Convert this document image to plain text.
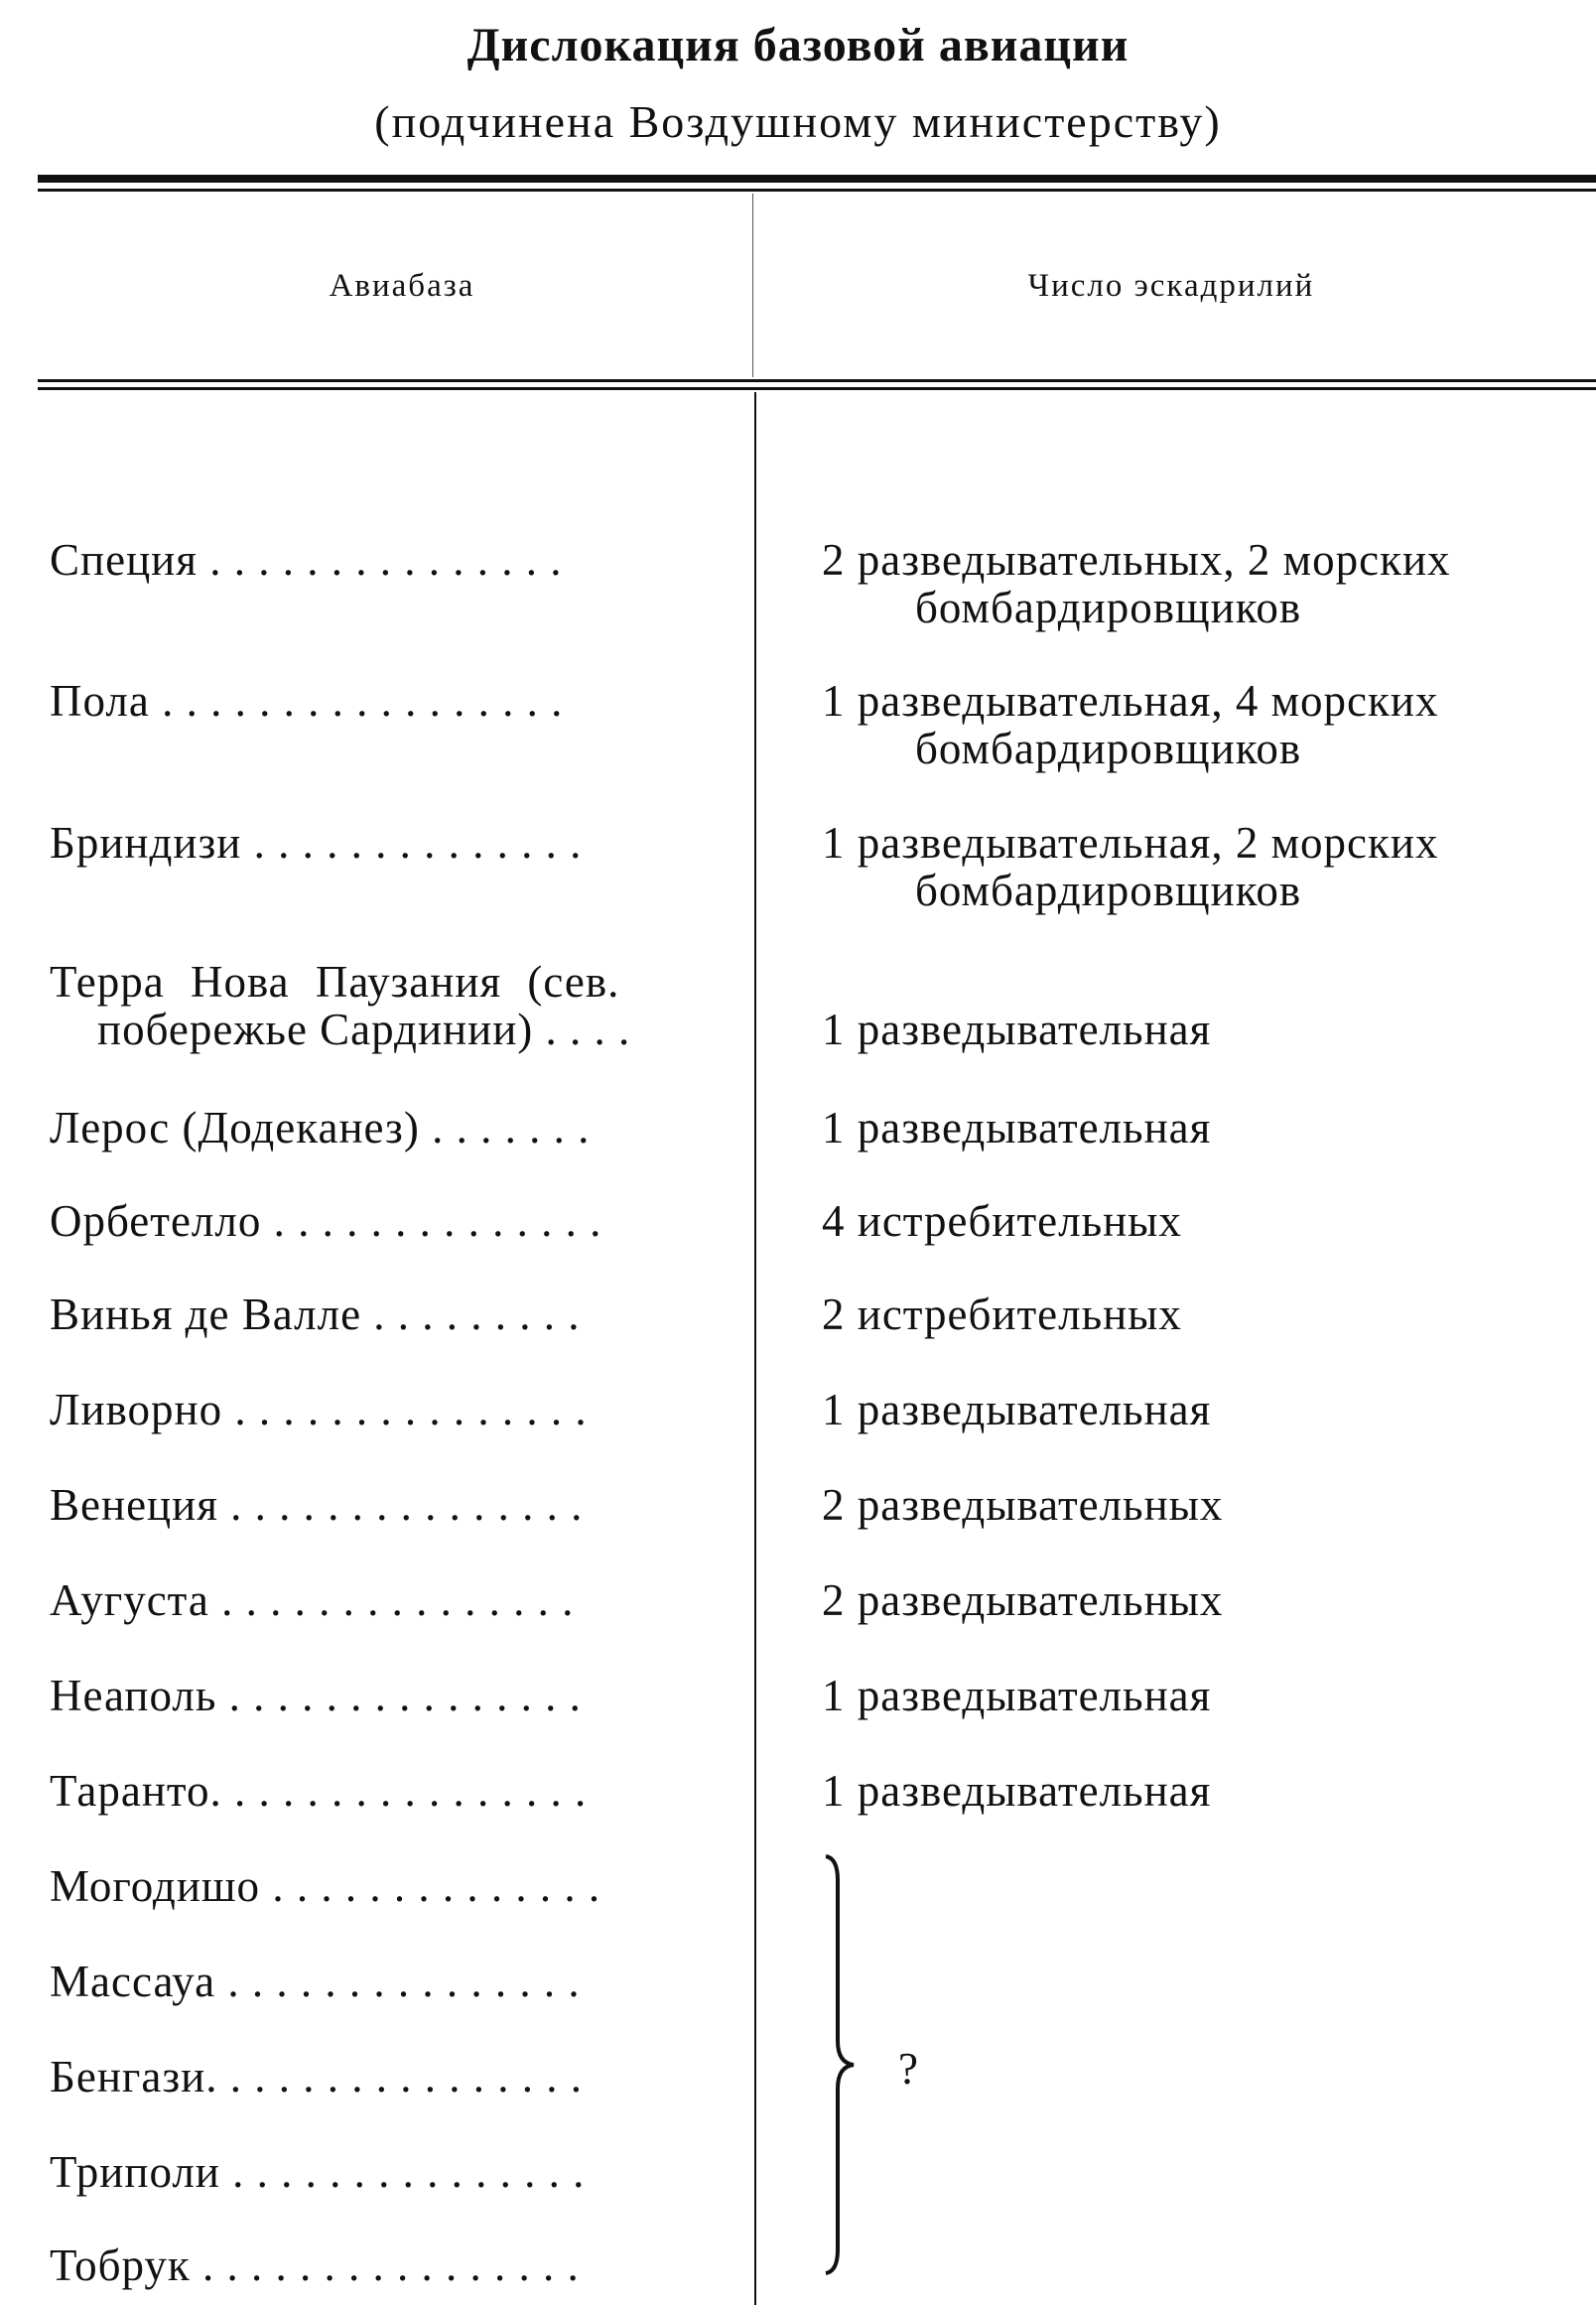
Дислокация базовой авиации
(подчинена Воздушному министерству)
Авиабаза	Число эскадрилий
Специя . . . . . . . . . . . . . . .	2 разведывательных, 2 морских
бомбардировщиков
Пола . . . . . . . . . . . . . . . . .	1 разведывательная, 4 морских
бомбардировщиков
Бриндизи . . . . . . . . . . . . . .	1 разведывательная, 2 морских
бомбардировщиков
Терра Нова Паузания (сев.
побережье Сардинии) . . . .	1 разведывательная
Лерос (Додеканез) . . . . . . .	1 разведывательная
Орбетелло . . . . . . . . . . . . . .	4 истребительных
Винья де Валле . . . . . . . . .	2 истребительных
Ливорно . . . . . . . . . . . . . . .	1 разведывательная
Венеция . . . . . . . . . . . . . . .	2 разведывательных
Аугуста . . . . . . . . . . . . . . .	2 разведывательных
Неаполь . . . . . . . . . . . . . . .	1 разведывательная
Таранто. . . . . . . . . . . . . . . .	1 разведывательная
Могодишо . . . . . . . . . . . . . .
Массауа . . . . . . . . . . . . . . .
Бенгази. . . . . . . . . . . . . . . .
Триполи . . . . . . . . . . . . . . .
Тобрук . . . . . . . . . . . . . . . .
?
